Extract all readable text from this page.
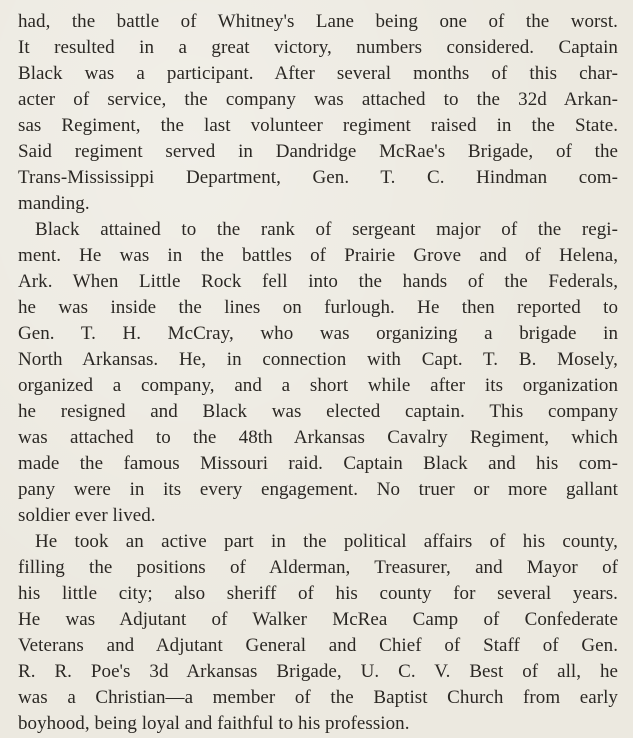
had, the battle of Whitney's Lane being one of the worst.
It resulted in a great victory, numbers considered. Captain
Black was a participant. After several months of this char-
acter of service, the company was attached to the 32d Arkan-
sas Regiment, the last volunteer regiment raised in the State.
Said regiment served in Dandridge McRae's Brigade, of the
Trans-Mississippi Department, Gen. T. C. Hindman com-
manding.
Black attained to the rank of sergeant major of the regi-
ment. He was in the battles of Prairie Grove and of Helena,
Ark. When Little Rock fell into the hands of the Federals,
he was inside the lines on furlough. He then reported to
Gen. T. H. McCray, who was organizing a brigade in
North Arkansas. He, in connection with Capt. T. B. Mosely,
organized a company, and a short while after its organization
he resigned and Black was elected captain. This company
was attached to the 48th Arkansas Cavalry Regiment, which
made the famous Missouri raid. Captain Black and his com-
pany were in its every engagement. No truer or more gallant
soldier ever lived.
He took an active part in the political affairs of his county,
filling the positions of Alderman, Treasurer, and Mayor of
his little city; also sheriff of his county for several years.
He was Adjutant of Walker McRea Camp of Confederate
Veterans and Adjutant General and Chief of Staff of Gen.
R. R. Poe's 3d Arkansas Brigade, U. C. V. Best of all, he
was a Christian—a member of the Baptist Church from early
boyhood, being loyal and faithful to his profession.
